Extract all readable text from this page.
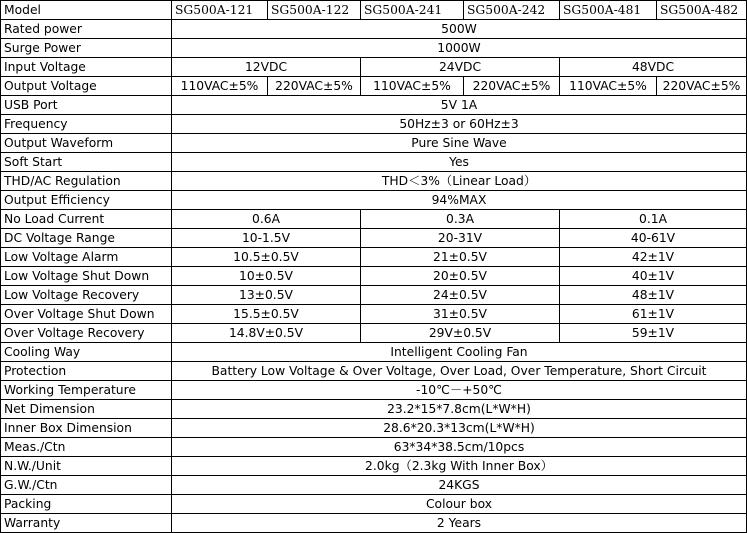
Model	SG500A-121	SG500A-122	SG500A-241	SG500A-242	SG500A-481	SG500A-482
Rated power	500W					
Surge Power	1000W					
Input Voltage	12VDC		24VDC		48VDC	
Output Voltage	110VAC±5%	220VAC±5%	110VAC±5%	220VAC±5%	110VAC±5%	220VAC±5%
USB Port	5V 1A					
Frequency	50Hz±3 or 60Hz±3					
Output Waveform	Pure Sine Wave					
Soft Start	Yes					
THD/AC Regulation	THD＜3%（Linear Load）					
Output Efficiency	94%MAX					
No Load Current	0.6A		0.3A		0.1A	
DC Voltage Range	10-1.5V		20-31V		40-61V	
Low Voltage Alarm	10.5±0.5V		21±0.5V		42±1V	
Low Voltage Shut Down	10±0.5V		20±0.5V		40±1V	
Low Voltage Recovery	13±0.5V		24±0.5V		48±1V	
Over Voltage Shut Down	15.5±0.5V		31±0.5V		61±1V	
Over Voltage Recovery	14.8V±0.5V		29V±0.5V		59±1V	
Cooling Way	Intelligent Cooling Fan					
Protection	Battery Low Voltage & Over Voltage, Over Load, Over Temperature, Short Circuit					
Working Temperature	-10℃－+50℃					
Net Dimension	23.2*15*7.8cm(L*W*H)					
Inner Box Dimension	28.6*20.3*13cm(L*W*H)					
Meas./Ctn	63*34*38.5cm/10pcs					
N.W./Unit	2.0kg（2.3kg With Inner Box）					
G.W./Ctn	24KGS					
Packing	Colour box					
Warranty	2 Years					
